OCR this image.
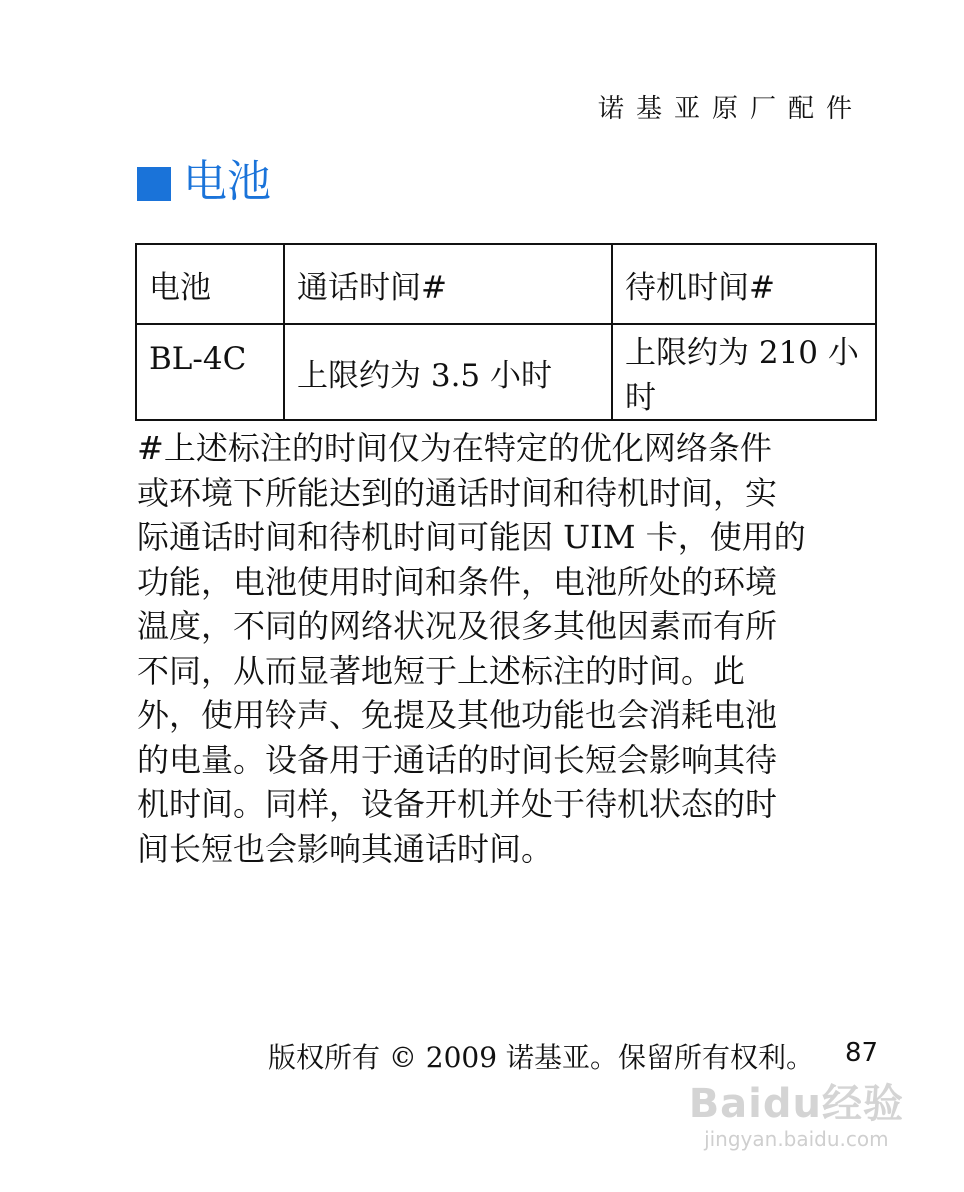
诺基亚原厂配件
电池
电池	通话时间#	待机时间#
BL-4C	上限约为 3.5 小时	上限约为 210 小时
#上述标注的时间仅为在特定的优化网络条件
或环境下所能达到的通话时间和待机时间，实
际通话时间和待机时间可能因 UIM 卡，使用的
功能，电池使用时间和条件，电池所处的环境
温度，不同的网络状况及很多其他因素而有所
不同，从而显著地短于上述标注的时间。此
外，使用铃声、免提及其他功能也会消耗电池
的电量。设备用于通话的时间长短会影响其待
机时间。同样，设备开机并处于待机状态的时
间长短也会影响其通话时间。
版权所有 © 2009 诺基亚。保留所有权利。 87
Baidu经验
jingyan.baidu.com
